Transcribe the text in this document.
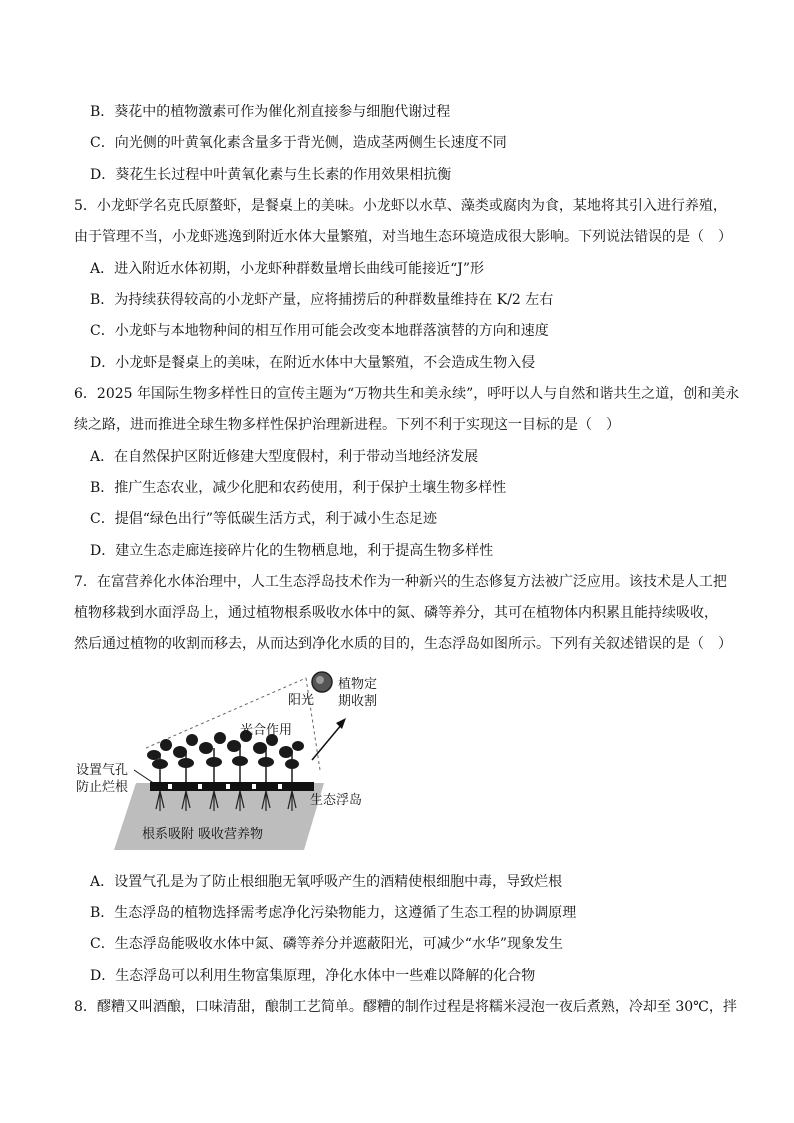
B．葵花中的植物激素可作为催化剂直接参与细胞代谢过程
C．向光侧的叶黄氧化素含量多于背光侧，造成茎两侧生长速度不同
D．葵花生长过程中叶黄氧化素与生长素的作用效果相抗衡
5．小龙虾学名克氏原螯虾，是餐桌上的美味。小龙虾以水草、藻类或腐肉为食，某地将其引入进行养殖，
由于管理不当，小龙虾逃逸到附近水体大量繁殖，对当地生态环境造成很大影响。下列说法错误的是（　）
A．进入附近水体初期，小龙虾种群数量增长曲线可能接近“J”形
B．为持续获得较高的小龙虾产量，应将捕捞后的种群数量维持在 K/2 左右
C．小龙虾与本地物种间的相互作用可能会改变本地群落演替的方向和速度
D．小龙虾是餐桌上的美味，在附近水体中大量繁殖，不会造成生物入侵
6．2025 年国际生物多样性日的宣传主题为“万物共生和美永续”，呼吁以人与自然和谐共生之道，创和美永
续之路，进而推进全球生物多样性保护治理新进程。下列不利于实现这一目标的是（　）
A．在自然保护区附近修建大型度假村，利于带动当地经济发展
B．推广生态农业，减少化肥和农药使用，利于保护土壤生物多样性
C．提倡“绿色出行”等低碳生活方式，利于减小生态足迹
D．建立生态走廊连接碎片化的生物栖息地，利于提高生物多样性
7．在富营养化水体治理中，人工生态浮岛技术作为一种新兴的生态修复方法被广泛应用。该技术是人工把
植物移栽到水面浮岛上，通过植物根系吸收水体中的氮、磷等养分，其可在植物体内积累且能持续吸收，
然后通过植物的收割而移去，从而达到净化水质的目的，生态浮岛如图所示。下列有关叙述错误的是（　）
阳光
植物定
期收割
光合作用
设置气孔
防止烂根
生态浮岛
根系吸附 吸收营养物
A．设置气孔是为了防止根细胞无氧呼吸产生的酒精使根细胞中毒，导致烂根
B．生态浮岛的植物选择需考虑净化污染物能力，这遵循了生态工程的协调原理
C．生态浮岛能吸收水体中氮、磷等养分并遮蔽阳光，可减少“水华”现象发生
D．生态浮岛可以利用生物富集原理，净化水体中一些难以降解的化合物
8．醪糟又叫酒酿，口味清甜，酿制工艺简单。醪糟的制作过程是将糯米浸泡一夜后煮熟，冷却至 30℃，拌
